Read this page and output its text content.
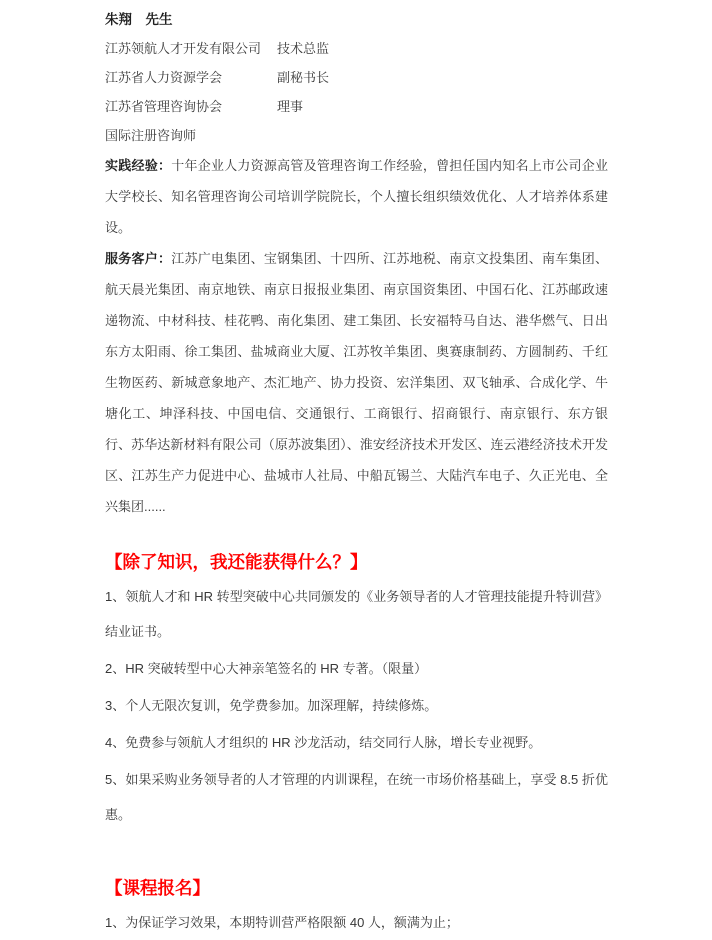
朱翔　先生

江苏领航人才开发有限公司 技术总监
江苏省人力资源学会	副秘书长
江苏省管理咨询协会	理事
国际注册咨询师

实践经验：十年企业人力资源高管及管理咨询工作经验，曾担任国内知名上市公司企业大学校长、知名管理咨询公司培训学院院长，个人擅长组织绩效优化、人才培养体系建设。

服务客户：江苏广电集团、宝钢集团、十四所、江苏地税、南京文投集团、南车集团、航天晨光集团、南京地铁、南京日报报业集团、南京国资集团、中国石化、江苏邮政速递物流、中材科技、桂花鸭、南化集团、建工集团、长安福特马自达、港华燃气、日出东方太阳雨、徐工集团、盐城商业大厦、江苏牧羊集团、奥赛康制药、方圆制药、千红生物医药、新城意象地产、杰汇地产、协力投资、宏洋集团、双飞轴承、合成化学、牛塘化工、坤泽科技、中国电信、交通银行、工商银行、招商银行、南京银行、东方银行、苏华达新材料有限公司（原苏波集团）、淮安经济技术开发区、连云港经济技术开发区、江苏生产力促进中心、盐城市人社局、中船瓦锡兰、大陆汽车电子、久正光电、全兴集团......

【除了知识，我还能获得什么？】
1、领航人才和 HR 转型突破中心共同颁发的《业务领导者的人才管理技能提升特训营》结业证书。
2、HR 突破转型中心大神亲笔签名的 HR 专著。（限量）
3、个人无限次复训，免学费参加。加深理解，持续修炼。
4、免费参与领航人才组织的 HR 沙龙活动，结交同行人脉，增长专业视野。
5、如果采购业务领导者的人才管理的内训课程，在统一市场价格基础上，享受 8.5 折优惠。
【课程报名】
1、为保证学习效果，本期特训营严格限额 40 人，额满为止；
